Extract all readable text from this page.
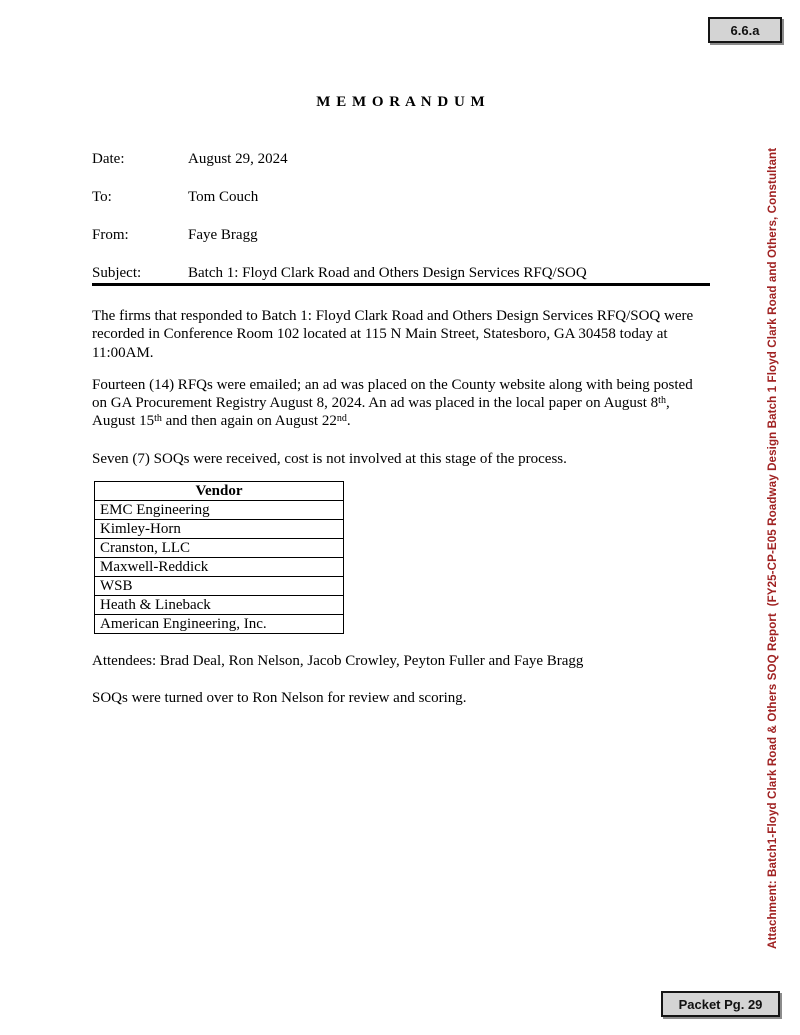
6.6.a
M E M O R A N D U M
Date:	August 29, 2024
To:	Tom Couch
From:	Faye Bragg
Subject:	Batch 1: Floyd Clark Road and Others Design Services RFQ/SOQ

The firms that responded to Batch 1: Floyd Clark Road and Others Design Services RFQ/SOQ were recorded in Conference Room 102 located at 115 N Main Street, Statesboro, GA 30458 today at 11:00AM.

Fourteen (14) RFQs were emailed; an ad was placed on the County website along with being posted on GA Procurement Registry August 8, 2024. An ad was placed in the local paper on August 8th, August 15th and then again on August 22nd.

Seven (7) SOQs were received, cost is not involved at this stage of the process.

Vendor
EMC Engineering
Kimley-Horn
Cranston, LLC
Maxwell-Reddick
WSB
Heath & Lineback
American Engineering, Inc.

Attendees: Brad Deal, Ron Nelson, Jacob Crowley, Peyton Fuller and Faye Bragg

SOQs were turned over to Ron Nelson for review and scoring.	Attachment: Batch1-Floyd Clark Road & Others SOQ Report  (FY25-CP-E05 Roadway Design Batch 1 Floyd Clark Road and Others, Constultant
Packet Pg. 29
